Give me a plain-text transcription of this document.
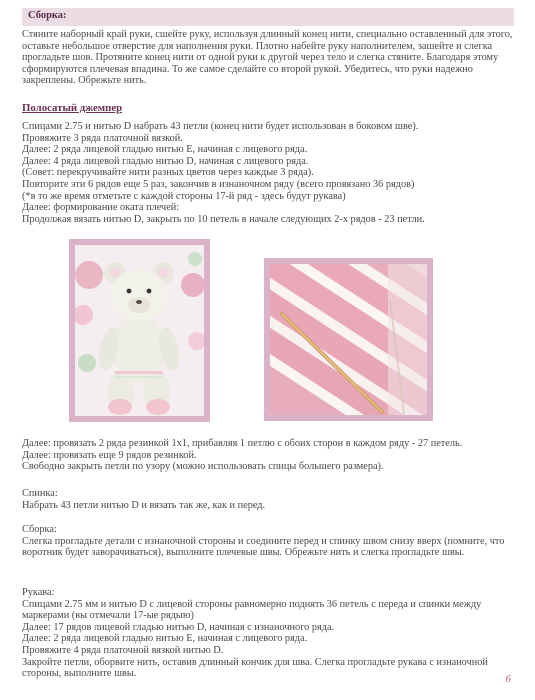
Сборка:
Стяните наборный край руки, сшейте руку, используя длинный конец нити, специально оставленный для этого, оставьте небольшое отверстие для наполнения руки. Плотно набейте руку наполнителем, зашейте и слегка прогладьте шов. Протяните конец нити от одной руки к другой через тело и слегка стяните. Благодаря этому сформируются плечевая впадина. То же самое сделайте со второй рукой. Убедитесь, что руки надежно закреплены. Обрежьте нить.
Полосатый джемпер
Спицами 2.75 и нитью D набрать 43 петли (конец нити будет использован в боковом шве).
Провяжите 3 ряда платочной вязкой.
Далее: 2 ряда лицевой гладью нитью E, начиная с лицевого ряда.
Далее: 4 ряда лицевой гладью нитью D, начиная с лицевого ряда.
(Совет: перекручивайте нити разных цветов через каждые 3 ряда).
Повторите эти 6 рядов еще 5 раз, закончив в изнаночном ряду (всего провязано 36 рядов)
(*в то же время отметьте с каждой стороны 17-й ряд - здесь будут рукава)
Далее: формирование оката плечей:
Продолжая вязать нитью D, закрыть по 10 петель в начале следующих 2-х рядов - 23 петли.
Далее: провязать 2 ряда резинкой 1х1, прибавляя 1 петлю с обоих сторон в каждом ряду - 27 петель.
Далее: провязать еще 9 рядов резинкой.
Свободно закрыть петли по узору (можно использовать спицы большего размера).
Спинка:
Набрать 43 петли нитью D и вязать так же, как и перед.
Сборка:
Слегка прогладьте детали с изнаночной стороны и соедините перед и спинку швом снизу вверх (помните, что воротник будет заворачиваться), выполните плечевые швы. Обрежьте нить и слегка прогладьте швы.
Рукава:
Спицами 2.75 мм и нитью D с лицевой стороны равномерно поднять 36 петель с переда и спинки между маркерами (вы отмечали 17-ые рядыю)
Далее: 17 рядов лицевой гладью нитью D, начиная с изнаночного ряда.
Далее: 2 ряда лицевой гладью нитью E, начиная с лицевого ряда.
Провяжите 4 ряда платочной вязкой нитью D.
Закройте петли, оборвите нить, оставив длинный кончик для шва. Слегка прогладьте рукава с изнаночной стороны, выполните швы.	6
